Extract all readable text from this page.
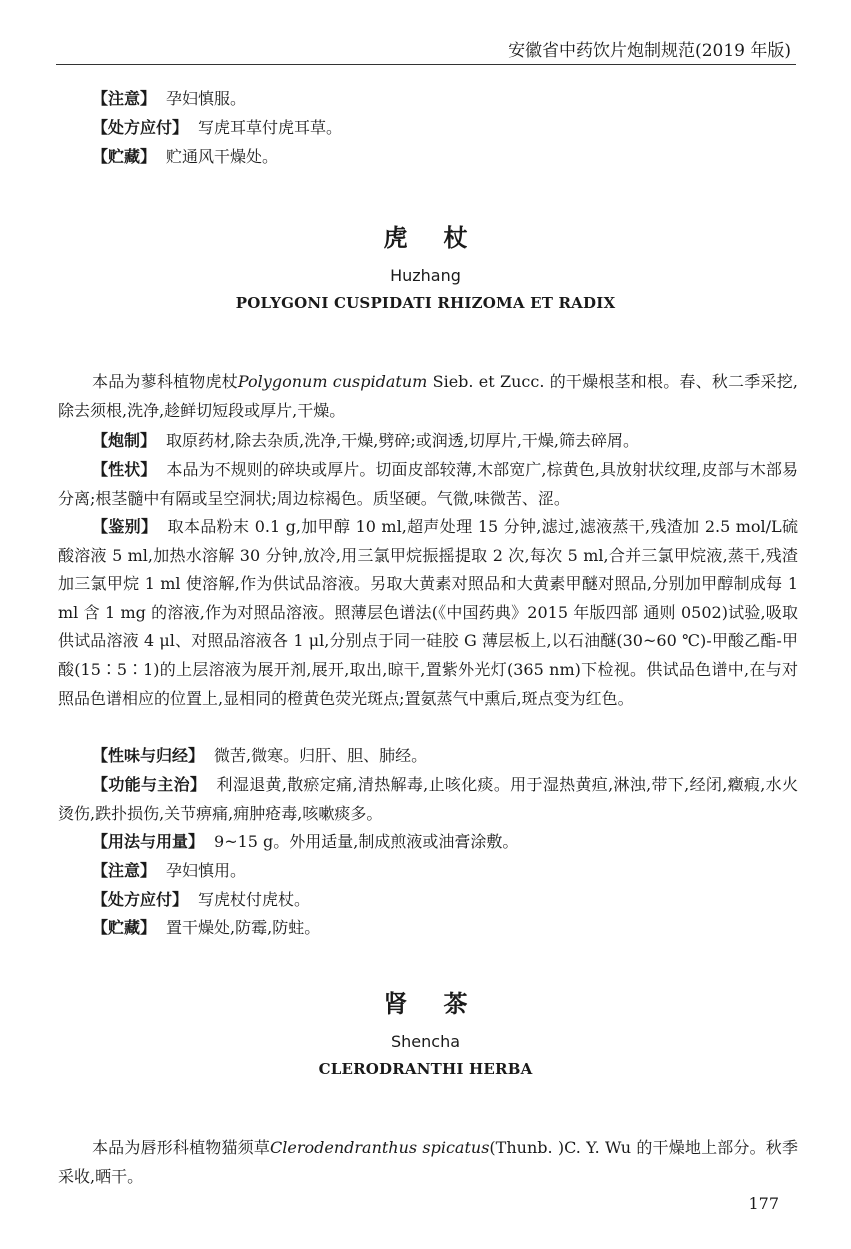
安徽省中药饮片炮制规范(2019 年版)
【注意】 孕妇慎服。
【处方应付】 写虎耳草付虎耳草。
【贮藏】 贮通风干燥处。
虎杖
Huzhang
POLYGONI CUSPIDATI RHIZOMA ET RADIX

本品为蓼科植物虎杖Polygonum cuspidatum Sieb. et Zucc. 的干燥根茎和根。春、秋二季采挖,除去须根,洗净,趁鲜切短段或厚片,干燥。

【炮制】 取原药材,除去杂质,洗净,干燥,劈碎;或润透,切厚片,干燥,筛去碎屑。

【性状】 本品为不规则的碎块或厚片。切面皮部较薄,木部宽广,棕黄色,具放射状纹理,皮部与木部易分离;根茎髓中有隔或呈空洞状;周边棕褐色。质坚硬。气微,味微苦、涩。

【鉴别】 取本品粉末 0.1 g,加甲醇 10 ml,超声处理 15 分钟,滤过,滤液蒸干,残渣加 2.5 mol/L硫酸溶液 5 ml,加热水溶解 30 分钟,放冷,用三氯甲烷振摇提取 2 次,每次 5 ml,合并三氯甲烷液,蒸干,残渣加三氯甲烷 1 ml 使溶解,作为供试品溶液。另取大黄素对照品和大黄素甲醚对照品,分别加甲醇制成每 1 ml 含 1 mg 的溶液,作为对照品溶液。照薄层色谱法(《中国药典》2015 年版四部 通则 0502)试验,吸取供试品溶液 4 μl、对照品溶液各 1 μl,分别点于同一硅胶 G 薄层板上,以石油醚(30~60 ℃)-甲酸乙酯-甲酸(15∶5∶1)的上层溶液为展开剂,展开,取出,晾干,置紫外光灯(365 nm)下检视。供试品色谱中,在与对照品色谱相应的位置上,显相同的橙黄色荧光斑点;置氨蒸气中熏后,斑点变为红色。

【性味与归经】 微苦,微寒。归肝、胆、肺经。

【功能与主治】 利湿退黄,散瘀定痛,清热解毒,止咳化痰。用于湿热黄疸,淋浊,带下,经闭,癥瘕,水火烫伤,跌扑损伤,关节痹痛,痈肿疮毒,咳嗽痰多。

【用法与用量】 9~15 g。外用适量,制成煎液或油膏涂敷。

【注意】 孕妇慎用。

【处方应付】 写虎杖付虎杖。

【贮藏】 置干燥处,防霉,防蛀。

肾茶
Shencha
CLERODRANTHI HERBA

本品为唇形科植物猫须草Clerodendranthus spicatus(Thunb. )C. Y. Wu 的干燥地上部分。秋季采收,晒干。

177
